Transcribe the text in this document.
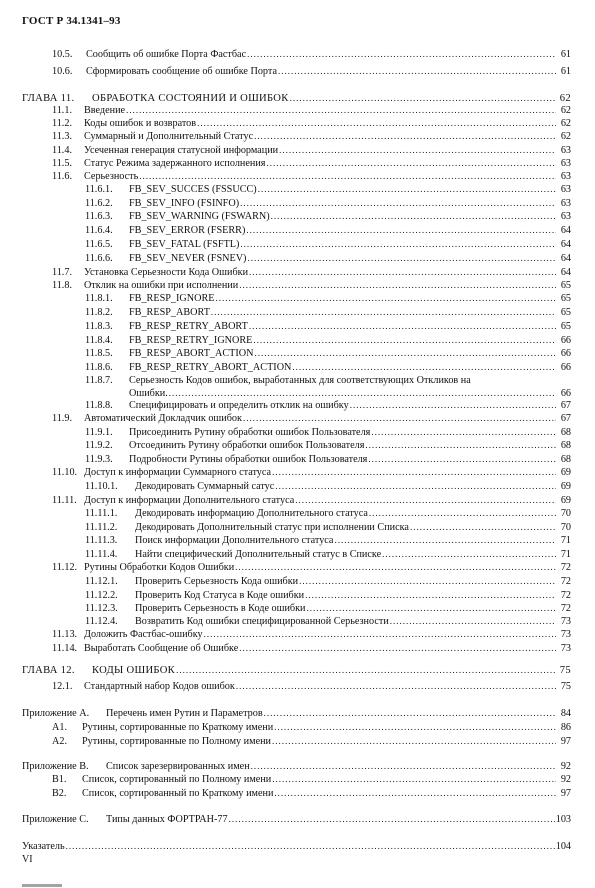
ГОСТ Р 34.1341–93
10.5.	Сообщить об ошибке Порта Фастбас .....	61
10.6.	Сформировать сообщение об ошибке Порта .....	61
ГЛАВА 11.	ОБРАБОТКА СОСТОЯНИЙ И ОШИБОК .....	62
11.1.	Введение .....	62
11.2.	Коды ошибок и возвратов .....	62
11.3.	Суммарный и Дополнительный Статус .....	62
11.4.	Усеченная генерация статусной информации .....	63
11.5.	Статус Режима задержанного исполнения .....	63
11.6.	Серьезность .....	63
11.6.1.	FB_SEV_SUCCES (FSSUCC) .....	63
11.6.2.	FB_SEV_INFO (FSINFO) .....	63
11.6.3.	FB_SEV_WARNING (FSWARN) .....	63
11.6.4.	FB_SEV_ERROR (FSERR) .....	64
11.6.5.	FB_SEV_FATAL (FSFTL) .....	64
11.6.6.	FB_SEV_NEVER (FSNEV) .....	64
11.7.	Установка Серьезности Кода Ошибки .....	64
11.8.	Отклик на ошибки при исполнении .....	65
11.8.1.	FB_RESP_IGNORE .....	65
11.8.2.	FB_RESP_ABORT .....	65
11.8.3.	FB_RESP_RETRY_ABORT .....	65
11.8.4.	FB_RESP_RETRY_IGNORE .....	66
11.8.5.	FB_RESP_ABORT_ACTION .....	66
11.8.6.	FB_RESP_RETRY_ABORT_ACTION .....	66
11.8.7.	Серьезность Кодов ошибок, выработанных для соответствующих Откликов на
Ошибки. .....	66
11.8.8.	Специфицировать и определить отклик на ошибку .....	67
11.9.	Автоматический Докладчик ошибок .....	67
11.9.1.	Присоединить Рутину обработки ошибок Пользователя .....	68
11.9.2.	Отсоединить Рутину обработки ошибок Пользователя .....	68
11.9.3.	Подробности Рутины обработки ошибок Пользователя .....	68
11.10. Доступ к информации Суммарного статуса .....	69
11.10.1.	Декодировать Суммарный сатус .....	69
11.11. Доступ к информации Дополнительного статуса .....	69
11.11.1.	Декодировать информацию Дополнительного статуса .....	70
11.11.2.	Декодировать Дополнительный статус при исполнении Списка .....	70
11.11.3.	Поиск информации Дополнительного статуса .....	71
11.11.4.	Найти специфический Дополнительный статус в Списке .....	71
11.12. Рутины Обработки Кодов Ошибки .....	72
11.12.1.	Проверить Серьезность Кода ошибки .....	72
11.12.2.	Проверить Код Статуса в Коде ошибки .....	72
11.12.3.	Проверить Серьезность в Коде ошибки .....	72
11.12.4.	Возвратить Код ошибки специфицированной Серьезности .....	73
11.13. Доложить Фастбас-ошибку .....	73
11.14. Выработать Сообщение об Ошибке .....	73
ГЛАВА 12.	КОДЫ ОШИБОК .....	75
12.1.	Стандартный набор Кодов ошибок .....	75
Приложение А.	Перечень имен Рутин и Параметров .....	84
А1.	Рутины, сортированные по Краткому имени .....	86
А2.	Рутины, сортированные по Полному имени .....	97
Приложение В.	Список зарезервированных имен .....	92
В1.	Список, сортированный по Полному имени .....	92
В2.	Список, сортированный по Краткому имени .....	97
Приложение С.	Типы данных ФОРТРАН-77 .....	103
Указатель .....	104
VI
